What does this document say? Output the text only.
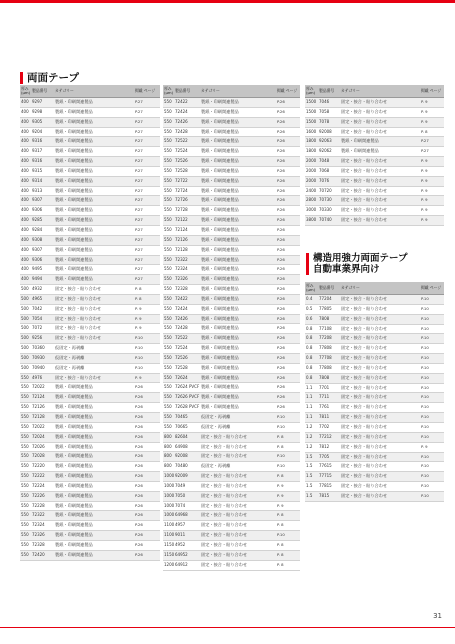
両面テープ
厚み (μm)	製品番号	カテゴリー	掲載 ページ
400	9297	製紙・印刷関連製品	P.27
400	9298	製紙・印刷関連製品	P.27
400	9305	製紙・印刷関連製品	P.27
400	9204	製紙・印刷関連製品	P.27
400	9316	製紙・印刷関連製品	P.27
400	9317	製紙・印刷関連製品	P.27
400	9316	製紙・印刷関連製品	P.27
400	9315	製紙・印刷関連製品	P.27
400	9314	製紙・印刷関連製品	P.27
400	9313	製紙・印刷関連製品	P.27
400	9307	製紙・印刷関連製品	P.27
400	9306	製紙・印刷関連製品	P.27
400	9285	製紙・印刷関連製品	P.27
400	9284	製紙・印刷関連製品	P.27
400	9308	製紙・印刷関連製品	P.27
400	9307	製紙・印刷関連製品	P.27
400	9306	製紙・印刷関連製品	P.27
400	9495	製紙・印刷関連製品	P.27
400	9494	製紙・印刷関連製品	P.27
500	4932	固定・接合・貼り合わせ	P. 8
500	4965	固定・接合・貼り合わせ	P. 8
500	7042	固定・接合・貼り合わせ	P. 9
500	7054	固定・接合・貼り合わせ	P. 9
500	7072	固定・接合・貼り合わせ	P. 9
500	9256	固定・接合・貼り合わせ	P.10
500	70360	仮固定・再剥離	P.10
500	70930	仮固定・再剥離	P.10
500	70940	仮固定・再剥離	P.10
550	4976	固定・接合・貼り合わせ	P. 9
550	72022	製紙・印刷関連製品	P.26
550	72124	製紙・印刷関連製品	P.26
550	72126	製紙・印刷関連製品	P.26
550	72128	製紙・印刷関連製品	P.26
550	72022	製紙・印刷関連製品	P.26
550	72024	製紙・印刷関連製品	P.26
550	72026	製紙・印刷関連製品	P.26
550	72028	製紙・印刷関連製品	P.26
550	72220	製紙・印刷関連製品	P.26
550	72222	製紙・印刷関連製品	P.26
550	72224	製紙・印刷関連製品	P.26
550	72226	製紙・印刷関連製品	P.26
550	72228	製紙・印刷関連製品	P.26
550	72322	製紙・印刷関連製品	P.26
550	72324	製紙・印刷関連製品	P.26
550	72326	製紙・印刷関連製品	P.26
550	72328	製紙・印刷関連製品	P.26
550	72420	製紙・印刷関連製品	P.26
厚み (μm)	製品番号	カテゴリー	掲載 ページ
550	72422	製紙・印刷関連製品	P.26
550	72424	製紙・印刷関連製品	P.26
550	72426	製紙・印刷関連製品	P.26
550	72428	製紙・印刷関連製品	P.26
550	72522	製紙・印刷関連製品	P.26
550	72524	製紙・印刷関連製品	P.26
550	72526	製紙・印刷関連製品	P.26
550	72528	製紙・印刷関連製品	P.26
550	72722	製紙・印刷関連製品	P.26
550	72724	製紙・印刷関連製品	P.26
550	72726	製紙・印刷関連製品	P.26
550	72728	製紙・印刷関連製品	P.26
550	72122	製紙・印刷関連製品	P.26
550	72124	製紙・印刷関連製品	P.26
550	72126	製紙・印刷関連製品	P.26
550	72128	製紙・印刷関連製品	P.26
550	72322	製紙・印刷関連製品	P.26
550	72324	製紙・印刷関連製品	P.26
550	72326	製紙・印刷関連製品	P.26
550	72328	製紙・印刷関連製品	P.26
550	72422	製紙・印刷関連製品	P.26
550	72424	製紙・印刷関連製品	P.26
550	72426	製紙・印刷関連製品	P.26
550	72428	製紙・印刷関連製品	P.26
550	72522	製紙・印刷関連製品	P.26
550	72524	製紙・印刷関連製品	P.26
550	72526	製紙・印刷関連製品	P.26
550	72528	製紙・印刷関連製品	P.26
550	72624	製紙・印刷関連製品	P.26
550	72624 PVCF	製紙・印刷関連製品	P.26
550	72626 PVCF	製紙・印刷関連製品	P.26
550	72628 PVCF	製紙・印刷関連製品	P.26
550	70465	仮固定・再剥離	P.10
550	70665	仮固定・再剥離	P.10
800	82604	固定・接合・貼り合わせ	P. 8
800	64908	固定・接合・貼り合わせ	P. 8
800	92008	固定・接合・貼り合わせ	P.10
800	70480	仮固定・再剥離	P.10
1000	92009	固定・接合・貼り合わせ	P. 8
1000	7049	固定・接合・貼り合わせ	P. 9
1000	7050	固定・接合・貼り合わせ	P. 9
1000	7074	固定・接合・貼り合わせ	P. 9
1000	64968	固定・接合・貼り合わせ	P. 8
1100	4957	固定・接合・貼り合わせ	P. 8
1100	9011	固定・接合・貼り合わせ	P.10
1150	4952	固定・接合・貼り合わせ	P. 8
1150	64952	固定・接合・貼り合わせ	P. 8
1200	64912	固定・接合・貼り合わせ	P. 8
厚み (μm)	製品番号	カテゴリー	掲載 ページ
1500	7046	固定・接合・貼り合わせ	P. 9
1500	7058	固定・接合・貼り合わせ	P. 9
1500	7078	固定・接合・貼り合わせ	P. 9
1600	92008	固定・接合・貼り合わせ	P. 8
1800	92063	製紙・印刷関連製品	P.27
1800	92062	製紙・印刷関連製品	P.27
2000	7048	固定・接合・貼り合わせ	P. 9
2000	7068	固定・接合・貼り合わせ	P. 9
2000	7076	固定・接合・貼り合わせ	P. 9
2400	70720	固定・接合・貼り合わせ	P. 9
2800	70730	固定・接合・貼り合わせ	P. 9
3000	70330	固定・接合・貼り合わせ	P. 9
3800	70740	固定・接合・貼り合わせ	P. 9
構造用強力両面テープ
自動車業界向け
厚み (μm)	製品番号	カテゴリー	掲載 ページ
0.4	77204	固定・接合・貼り合わせ	P.10
0.5	77805	固定・接合・貼り合わせ	P.10
0.6	7808	固定・接合・貼り合わせ	P.10
0.8	77108	固定・接合・貼り合わせ	P.10
0.8	77208	固定・接合・貼り合わせ	P.10
0.8	77808	固定・接合・貼り合わせ	P.10
0.8	77708	固定・接合・貼り合わせ	P.10
0.8	77808	固定・接合・貼り合わせ	P.10
0.8	7808	固定・接合・貼り合わせ	P.10
1.1	7701	固定・接合・貼り合わせ	P.10
1.1	7711	固定・接合・貼り合わせ	P.10
1.1	7761	固定・接合・貼り合わせ	P.10
1.1	7811	固定・接合・貼り合わせ	P.10
1.2	7702	固定・接合・貼り合わせ	P.10
1.2	77212	固定・接合・貼り合わせ	P.10
1.2	7812	固定・接合・貼り合わせ	P. 9
1.5	7705	固定・接合・貼り合わせ	P.10
1.5	77615	固定・接合・貼り合わせ	P.10
1.5	77715	固定・接合・貼り合わせ	P.10
1.5	77815	固定・接合・貼り合わせ	P.10
1.5	7815	固定・接合・貼り合わせ	P.10
31
